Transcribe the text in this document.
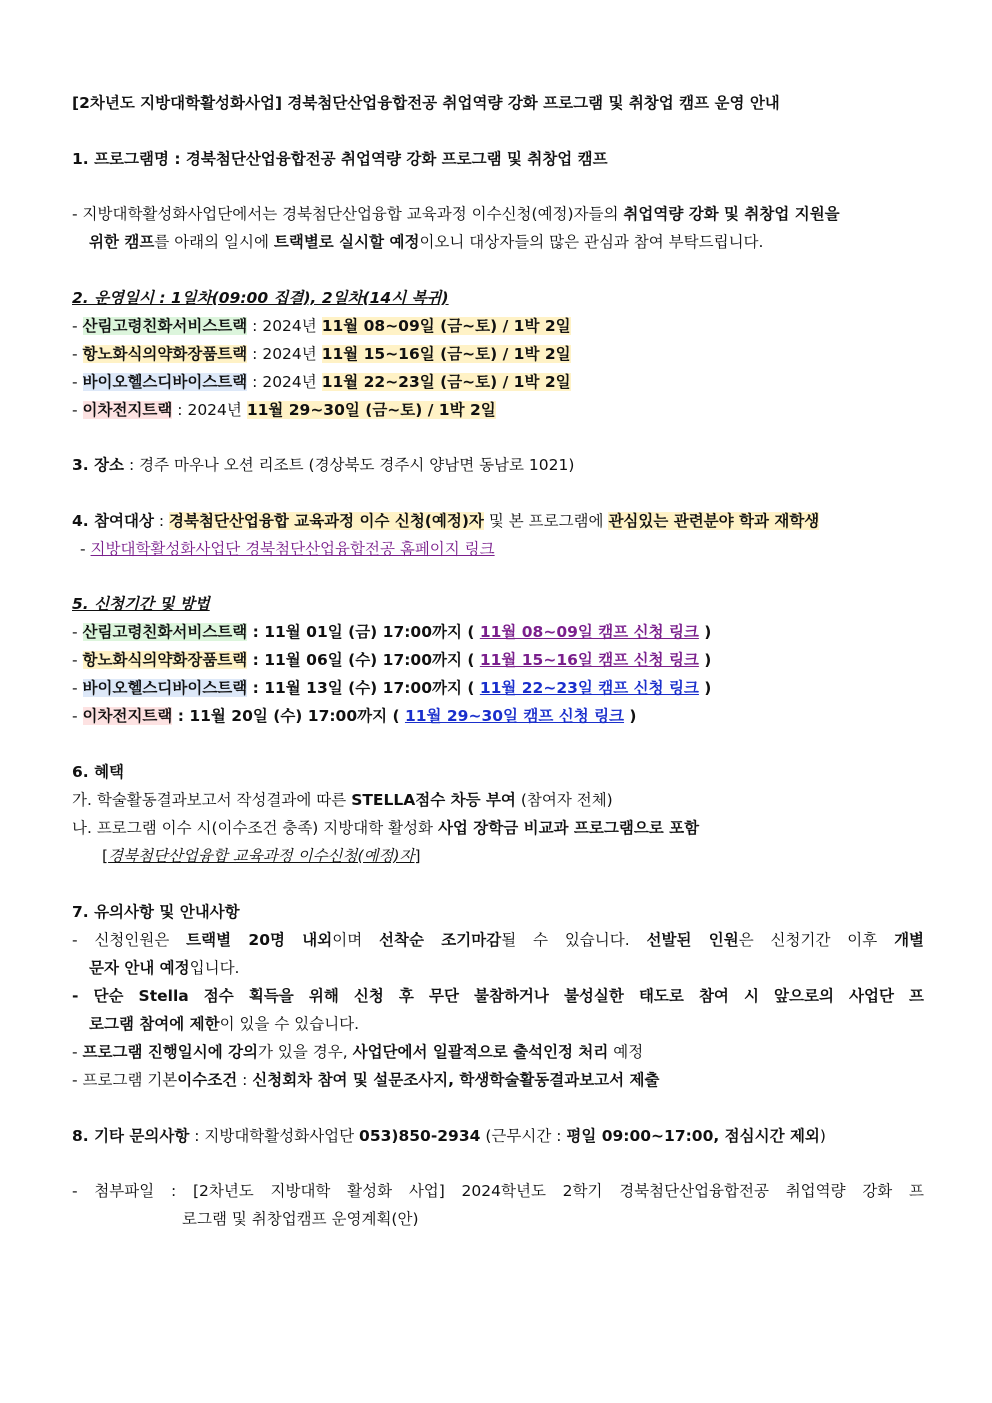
[2차년도 지방대학활성화사업] 경북첨단산업융합전공 취업역량 강화 프로그램 및 취창업 캠프 운영 안내
1. 프로그램명 : 경북첨단산업융합전공 취업역량 강화 프로그램 및 취창업 캠프
- 지방대학활성화사업단에서는 경북첨단산업융합 교육과정 이수신청(예정)자들의 취업역량 강화 및 취창업 지원을
위한 캠프를 아래의 일시에 트랙별로 실시할 예정이오니 대상자들의 많은 관심과 참여 부탁드립니다.
2. 운영일시 : 1일차(09:00 집결), 2일차(14시 복귀)
- 산림고령친화서비스트랙 : 2024년 11월 08~09일 (금~토) / 1박 2일
- 항노화식의약화장품트랙 : 2024년 11월 15~16일 (금~토) / 1박 2일
- 바이오헬스디바이스트랙 : 2024년 11월 22~23일 (금~토) / 1박 2일
- 이차전지트랙 : 2024년 11월 29~30일 (금~토) / 1박 2일
3. 장소 : 경주 마우나 오션 리조트 (경상북도 경주시 양남면 동남로 1021)
4. 참여대상 : 경북첨단산업융합 교육과정 이수 신청(예정)자 및 본 프로그램에 관심있는 관련분야 학과 재학생
- 지방대학활성화사업단 경북첨단산업융합전공 홈페이지 링크
5. 신청기간 및 방법
- 산림고령친화서비스트랙 : 11월 01일 (금) 17:00까지 ( 11월 08~09일 캠프 신청 링크 )
- 항노화식의약화장품트랙 : 11월 06일 (수) 17:00까지 ( 11월 15~16일 캠프 신청 링크 )
- 바이오헬스디바이스트랙 : 11월 13일 (수) 17:00까지 ( 11월 22~23일 캠프 신청 링크 )
- 이차전지트랙 : 11월 20일 (수) 17:00까지 ( 11월 29~30일 캠프 신청 링크 )
6. 혜택
가. 학술활동결과보고서 작성결과에 따른 STELLA점수 차등 부여 (참여자 전체)
나. 프로그램 이수 시(이수조건 충족) 지방대학 활성화 사업 장학금 비교과 프로그램으로 포함
[경북첨단산업융합 교육과정 이수신청(예정)자]
7. 유의사항 및 안내사항
- 신청인원은 트랙별 20명 내외이며 선착순 조기마감될 수 있습니다. 선발된 인원은 신청기간 이후 개별
문자 안내 예정입니다.
- 단순 Stella 점수 획득을 위해 신청 후 무단 불참하거나 불성실한 태도로 참여 시 앞으로의 사업단 프
로그램 참여에 제한이 있을 수 있습니다.
- 프로그램 진행일시에 강의가 있을 경우, 사업단에서 일괄적으로 출석인정 처리 예정
- 프로그램 기본이수조건 : 신청회차 참여 및 설문조사지, 학생학술활동결과보고서 제출
8. 기타 문의사항 : 지방대학활성화사업단 053)850-2934 (근무시간 : 평일 09:00~17:00, 점심시간 제외)
- 첨부파일 : [2차년도 지방대학 활성화 사업] 2024학년도 2학기 경북첨단산업융합전공 취업역량 강화 프
로그램 및 취창업캠프 운영계획(안)
